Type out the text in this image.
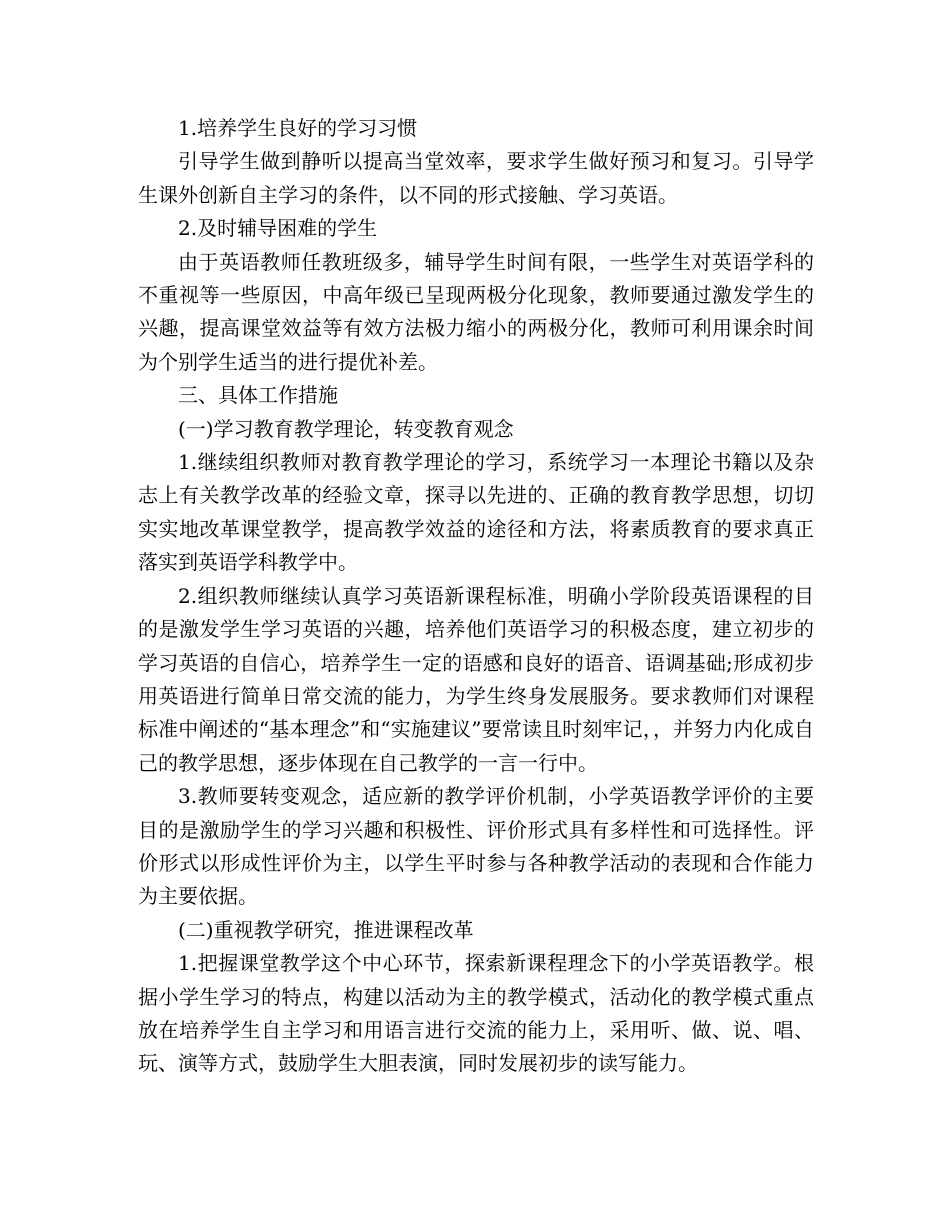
1.培养学生良好的学习习惯

引导学生做到静听以提高当堂效率，要求学生做好预习和复习。引导学生课外创新自主学习的条件，以不同的形式接触、学习英语。

2.及时辅导困难的学生

由于英语教师任教班级多，辅导学生时间有限，一些学生对英语学科的不重视等一些原因，中高年级已呈现两极分化现象，教师要通过激发学生的兴趣，提高课堂效益等有效方法极力缩小的两极分化，教师可利用课余时间为个别学生适当的进行提优补差。

三、具体工作措施

(一)学习教育教学理论，转变教育观念

1.继续组织教师对教育教学理论的学习，系统学习一本理论书籍以及杂志上有关教学改革的经验文章，探寻以先进的、正确的教育教学思想，切切实实地改革课堂教学，提高教学效益的途径和方法，将素质教育的要求真正落实到英语学科教学中。

2.组织教师继续认真学习英语新课程标准，明确小学阶段英语课程的目的是激发学生学习英语的兴趣，培养他们英语学习的积极态度，建立初步的学习英语的自信心，培养学生一定的语感和良好的语音、语调基础;形成初步用英语进行简单日常交流的能力，为学生终身发展服务。要求教师们对课程标准中阐述的“基本理念”和“实施建议”要常读且时刻牢记，，并努力内化成自己的教学思想，逐步体现在自己教学的一言一行中。

3.教师要转变观念，适应新的教学评价机制，小学英语教学评价的主要目的是激励学生的学习兴趣和积极性、评价形式具有多样性和可选择性。评价形式以形成性评价为主，以学生平时参与各种教学活动的表现和合作能力为主要依据。

(二)重视教学研究，推进课程改革

1.把握课堂教学这个中心环节，探索新课程理念下的小学英语教学。根据小学生学习的特点，构建以活动为主的教学模式，活动化的教学模式重点放在培养学生自主学习和用语言进行交流的能力上，采用听、做、说、唱、玩、演等方式，鼓励学生大胆表演，同时发展初步的读写能力。
